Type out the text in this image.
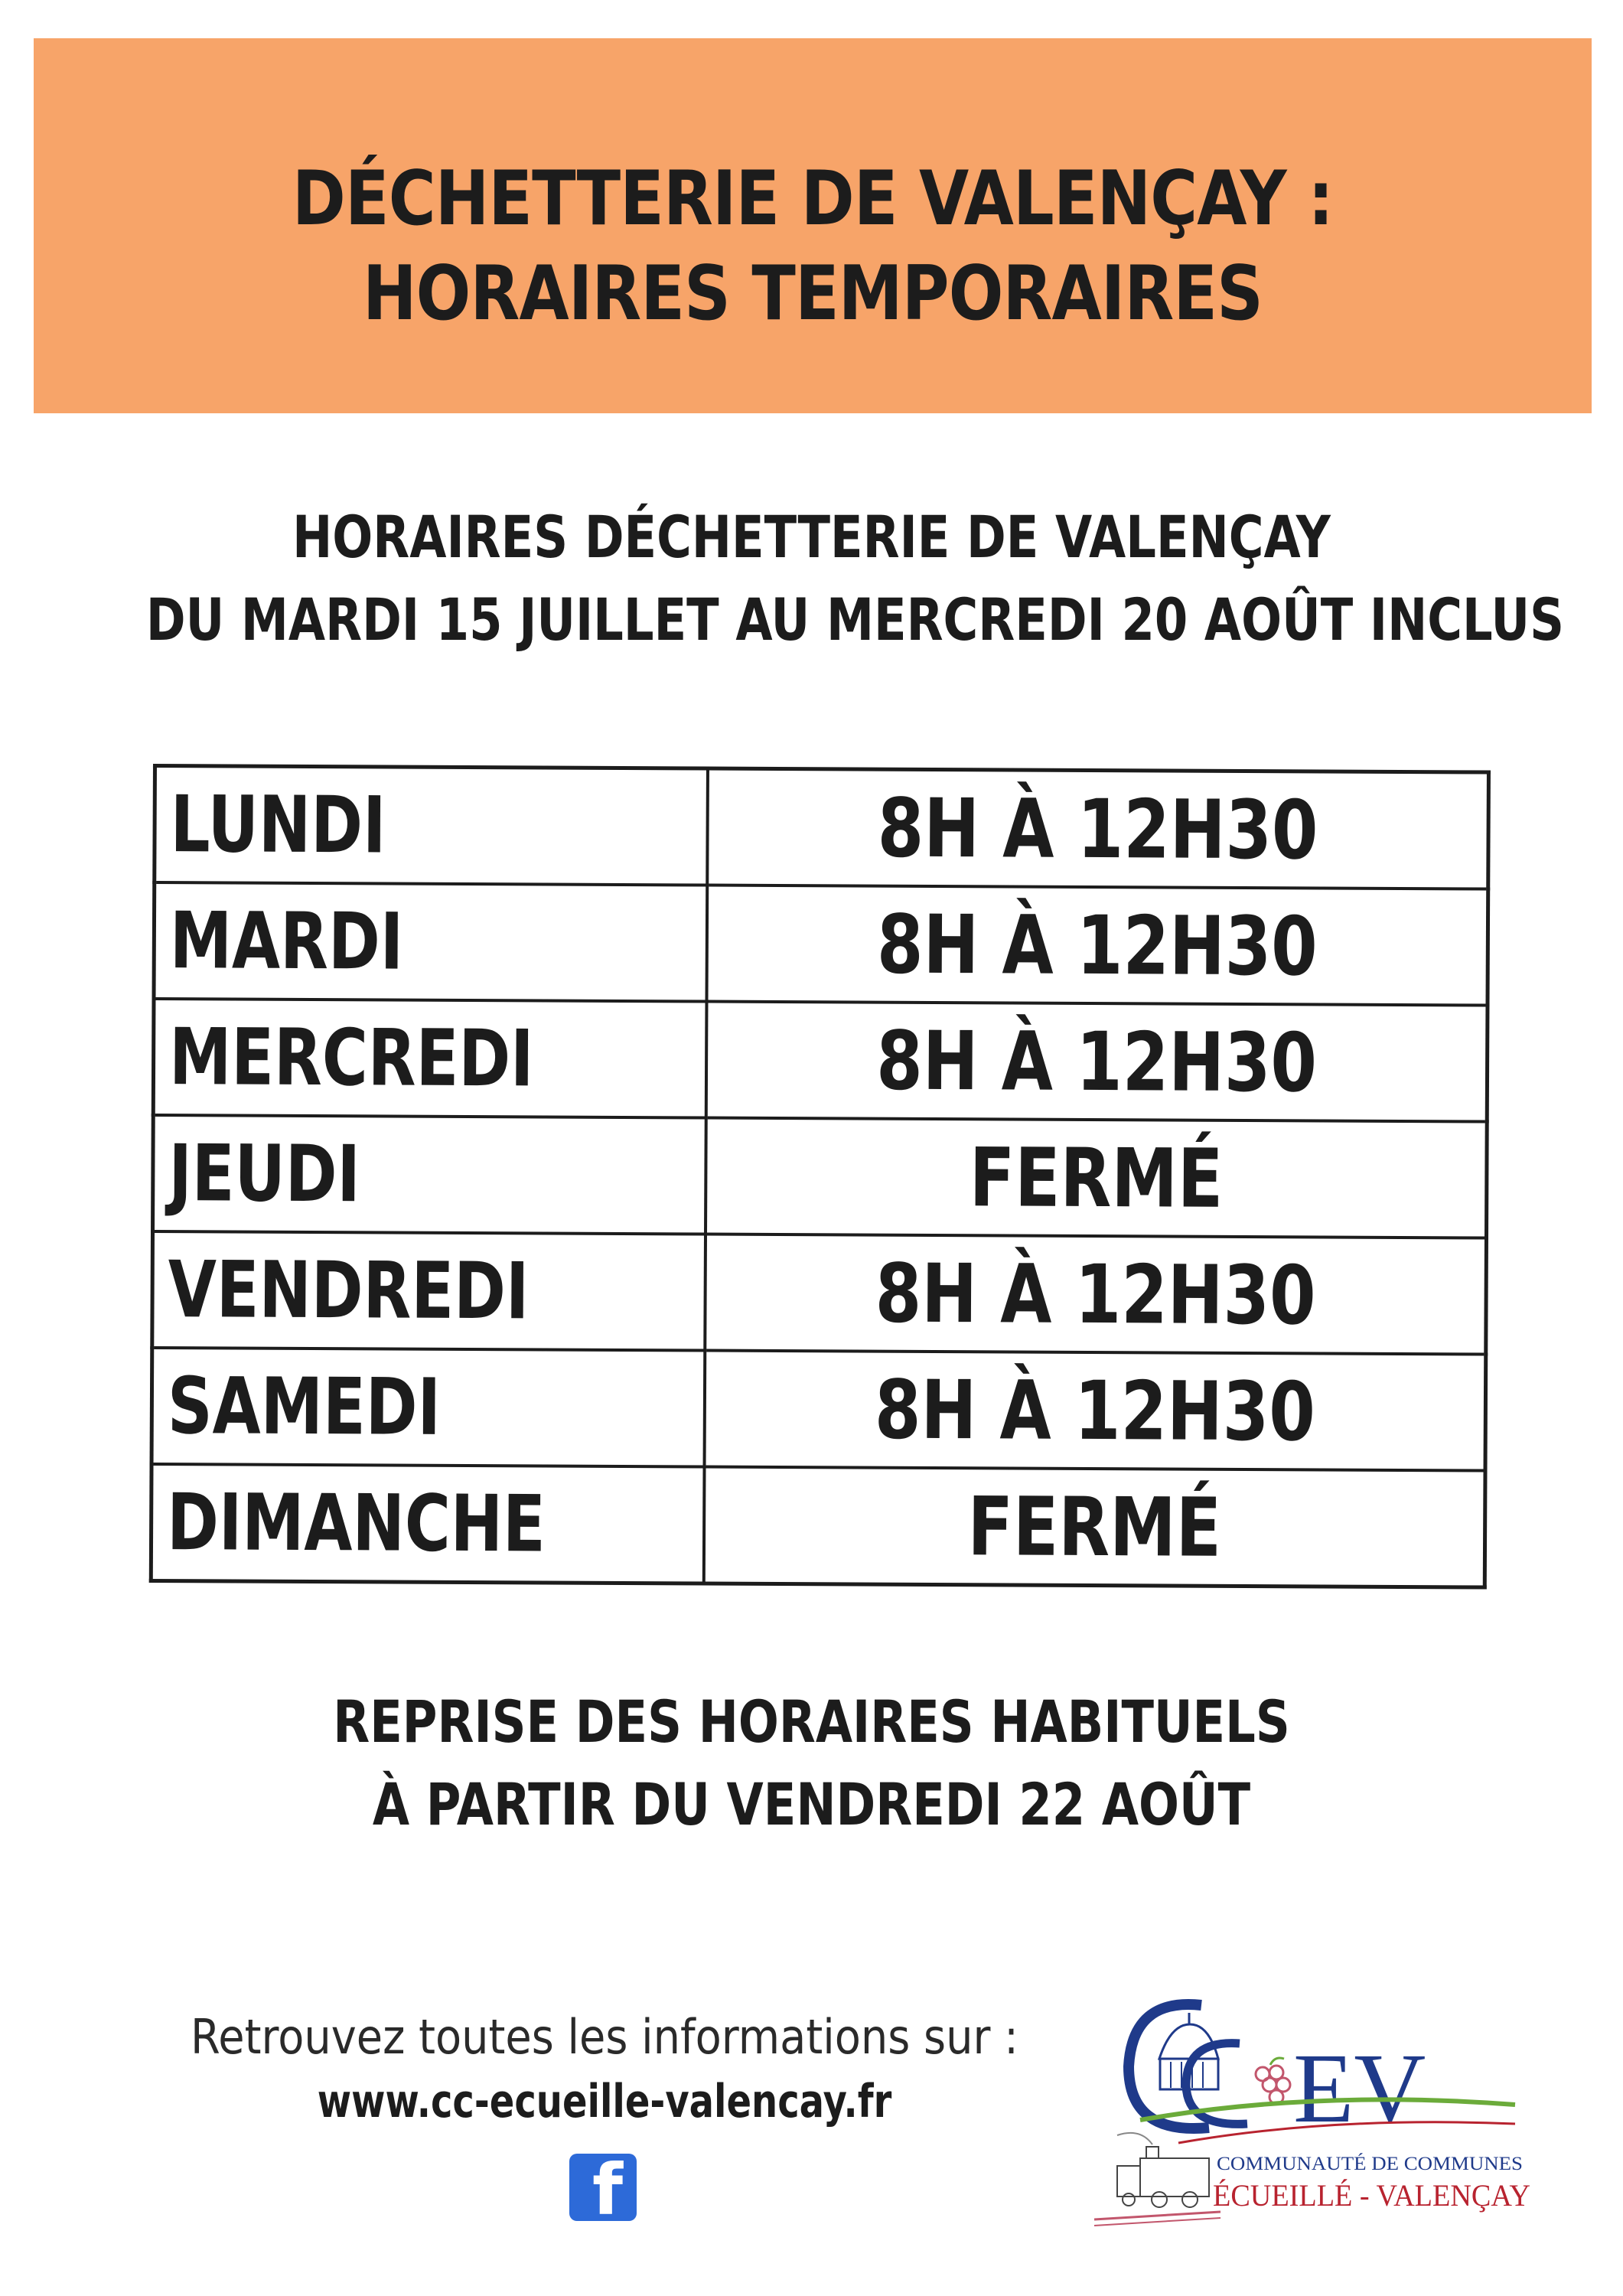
DÉCHETTERIE DE VALENÇAY :
HORAIRES TEMPORAIRES
HORAIRES DÉCHETTERIE DE VALENÇAY
DU MARDI 15 JUILLET AU MERCREDI 20 AOÛT INCLUS
LUNDI	8H À 12H30
MARDI	8H À 12H30
MERCREDI	8H À 12H30
JEUDI	FERMÉ
VENDREDI	8H À 12H30
SAMEDI	8H À 12H30
DIMANCHE	FERMÉ
REPRISE DES HORAIRES HABITUELS
À PARTIR DU VENDREDI 22 AOÛT
Retrouvez toutes les informations sur :
www.cc-ecueille-valencay.fr
f
EV
COMMUNAUTÉ DE COMMUNES
ÉCUEILLÉ - VALENÇAY
